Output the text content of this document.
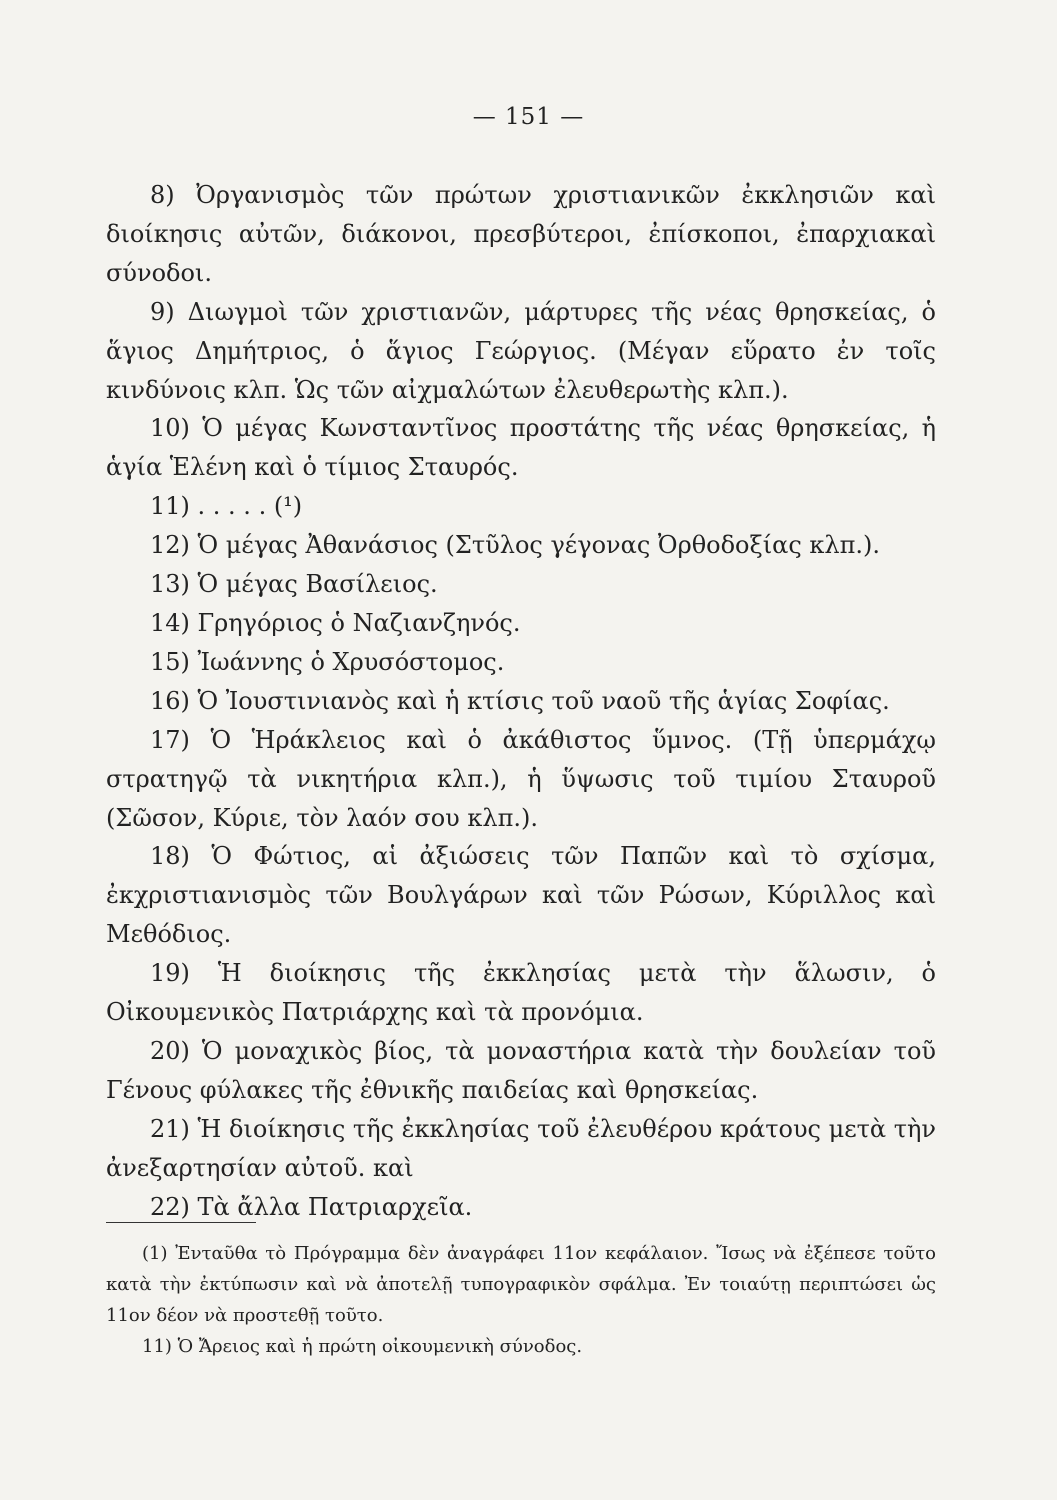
— 151 —

8) Ὀργανισμὸς τῶν πρώτων χριστιανικῶν ἐκκλησιῶν καὶ διοίκησις αὐτῶν, διάκονοι, πρεσβύτεροι, ἐπίσκοποι, ἐπαρχιακαὶ σύνοδοι.

9) Διωγμοὶ τῶν χριστιανῶν, μάρτυρες τῆς νέας θρησκείας, ὁ ἅγιος Δημήτριος, ὁ ἅγιος Γεώργιος. (Μέγαν εὕρατο ἐν τοῖς κινδύνοις κλπ. Ὡς τῶν αἰχμαλώτων ἐλευθερωτὴς κλπ.).

10) Ὁ μέγας Κωνσταντῖνος προστάτης τῆς νέας θρησκείας, ἡ ἁγία Ἑλένη καὶ ὁ τίμιος Σταυρός.

11) . . . . . (¹)

12) Ὁ μέγας Ἀθανάσιος (Στῦλος γέγονας Ὀρθοδοξίας κλπ.).

13) Ὁ μέγας Βασίλειος.

14) Γρηγόριος ὁ Ναζιανζηνός.

15) Ἰωάννης ὁ Χρυσόστομος.

16) Ὁ Ἰουστινιανὸς καὶ ἡ κτίσις τοῦ ναοῦ τῆς ἁγίας Σοφίας.

17) Ὁ Ἡράκλειος καὶ ὁ ἀκάθιστος ὕμνος. (Τῇ ὑπερμάχῳ στρατηγῷ τὰ νικητήρια κλπ.), ἡ ὕψωσις τοῦ τιμίου Σταυροῦ (Σῶσον, Κύριε, τὸν λαόν σου κλπ.).

18) Ὁ Φώτιος, αἱ ἀξιώσεις τῶν Παπῶν καὶ τὸ σχίσμα, ἐκχριστιανισμὸς τῶν Βουλγάρων καὶ τῶν Ρώσων, Κύριλλος καὶ Μεθόδιος.

19) Ἡ διοίκησις τῆς ἐκκλησίας μετὰ τὴν ἅλωσιν, ὁ Οἰκουμενικὸς Πατριάρχης καὶ τὰ προνόμια.

20) Ὁ μοναχικὸς βίος, τὰ μοναστήρια κατὰ τὴν δουλείαν τοῦ Γένους φύλακες τῆς ἐθνικῆς παιδείας καὶ θρησκείας.

21) Ἡ διοίκησις τῆς ἐκκλησίας τοῦ ἐλευθέρου κράτους μετὰ τὴν ἀνεξαρτησίαν αὐτοῦ. καὶ

22) Τὰ ἄλλα Πατριαρχεῖα.

(1) Ἐνταῦθα τὸ Πρόγραμμα δὲν ἀναγράφει 11ον κεφάλαιον. Ἴσως νὰ ἐξέπεσε τοῦτο κατὰ τὴν ἐκτύπωσιν καὶ νὰ ἀποτελῇ τυπογραφικὸν σφάλμα. Ἐν τοιαύτῃ περιπτώσει ὡς 11ον δέον νὰ προστεθῇ τοῦτο.

11) Ὁ Ἄρειος καὶ ἡ πρώτη οἰκουμενικὴ σύνοδος.
